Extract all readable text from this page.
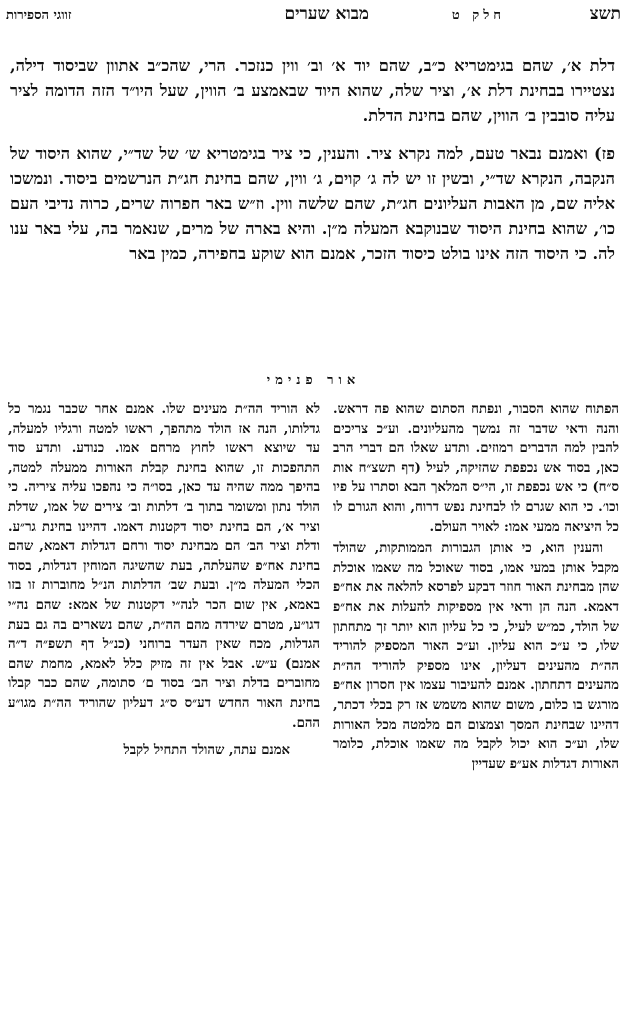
תשצ
חלק ט
מבוא שערים
זווגי הספירות

דלת א׳, שהם בגימטריא כ״ב, שהם יוד א׳ וב׳ ווין כנזכר. הרי, שהכ״ב אתוון שביסוד דילה, נצטיירו בבחינת דלת א׳, וציר שלה, שהוא היוד שבאמצע ב׳ הווין, שעל היו״ד הזה הדומה לציר עליה סובבין ב׳ הווין, שהם בחינת הדלת.

פז) ואמנם נבאר טעם, למה נקרא ציר. והענין, כי ציר בגימטריא ש׳ של שד״י, שהוא היסוד של הנקבה, הנקרא שד״י, ובשין זו יש לה ג׳ קוים, ג׳ ווין, שהם בחינת חג״ת הנרשמים ביסוד. ונמשכו אליה שם, מן האבות העליונים חג״ת, שהם שלשה ווין. וז״ש באר חפרוה שרים, כרוה נדיבי העם כו׳, שהוא בחינת היסוד שבנוקבא המעלה מ״ן. והיא בארה של מרים, שנאמר בה, עלי באר ענו לה. כי היסוד הזה אינו בולט כיסוד הזכר, אמנם הוא שוקע בחפירה, כמין באר

אור פנימי

הפתוח שהוא הסבור, ונפתח הסתום שהוא פה דראש. והנה ודאי שדבר זה נמשך מהעליונים. וע״כ צריכים להבין למה הדברים רמוזים. ותדע שאלו הם דברי הרב כאן, בסוד אש נכפפת שהזיקה, לעיל (דף תשצ״ח אות ס״ח) כי אש נכפפת זו, הי״ס המלאך הבא וסתרו על פיו וכו׳. כי הוא שגרם לו לבחינת נפש דרוח, והוא הגורם לו כל היציאה ממעי אמו: לאויר העולם.

והענין הוא, כי אותן הגבורות הממותקות, שהולד מקבל אותן במעי אמו, בסוד שאוכל מה שאמו אוכלת שהן מבחינת האור חוזר דבקע לפרסא להלאה את אח״פ דאמא. הנה הן ודאי אין מספיקות להעלות את אח״פ של הולד, כמ״ש לעיל, כי כל עליון הוא יותר זך מתחתון שלו, כי ע״כ הוא עליון. וע״כ האור המספיק להוריד הה״ת מהעינים דעליון, אינו מספיק להוריד הה״ת מהעינים דתחתון. אמנם להעיבור עצמו אין חסרון אח״פ מורגש בו כלום, משום שהוא משמש אז רק בכלי דכתר, דהיינו שבחינת המסך וצמצום הם מלמטה מכל האורות שלו, וע״כ הוא יכול לקבל מה שאמו אוכלת, כלומר האורות דגדלות אע״פ שעדיין

לא הוריד הה״ת מעינים שלו. אמנם אחר שכבר נגמר כל גדלותו, הנה אז הולד מתהפך, ראשו למטה ורגליו למעלה, עד שיוצא ראשו לחוץ מרחם אמו. כנודע. ותדע סוד התהפכות זו, שהוא בחינת קבלת האורות ממעלה למטה, בהיפך ממה שהיה עד כאן, בסו״ה כי נהפכו עליה ציריה. כי הולד נתון ומשומר בתוך ב׳ דלתות וב׳ צירים של אמו, שדלת וציר א׳, הם בחינת יסוד דקטנות דאמו. דהיינו בחינת גר״ע. ודלת וציר הב׳ הם מבחינת יסוד ורחם דגדלות דאמא, שהם בחינת אח״פ שהעלתה, בעת שהשיגה המוחין דגדלות, בסוד הכלי המעלה מ״ן. ובעת שב׳ הדלתות הנ״ל מחוברות זו בזו באמא, אין שום הכר לנה״י דקטנות של אמא: שהם נה״י דגו״ע, מטרם שירדה מהם הה״ת, שהם נשארים בה גם בעת הגדלות, מכח שאין העדר ברוחני (כנ״ל דף תשפ״ה ד״ה אמנם) ע״ש. אבל אין זה מזיק כלל לאמא, מחמת שהם מחוברים בדלת וציר הב׳ בסוד ם׳ סתומה, שהם כבר קבלו בחינת האור החדש דע״ס ס״ג דעליון שהוריד הה״ת מגו״ע ההם.

אמנם עתה, שהולד התחיל לקבל
